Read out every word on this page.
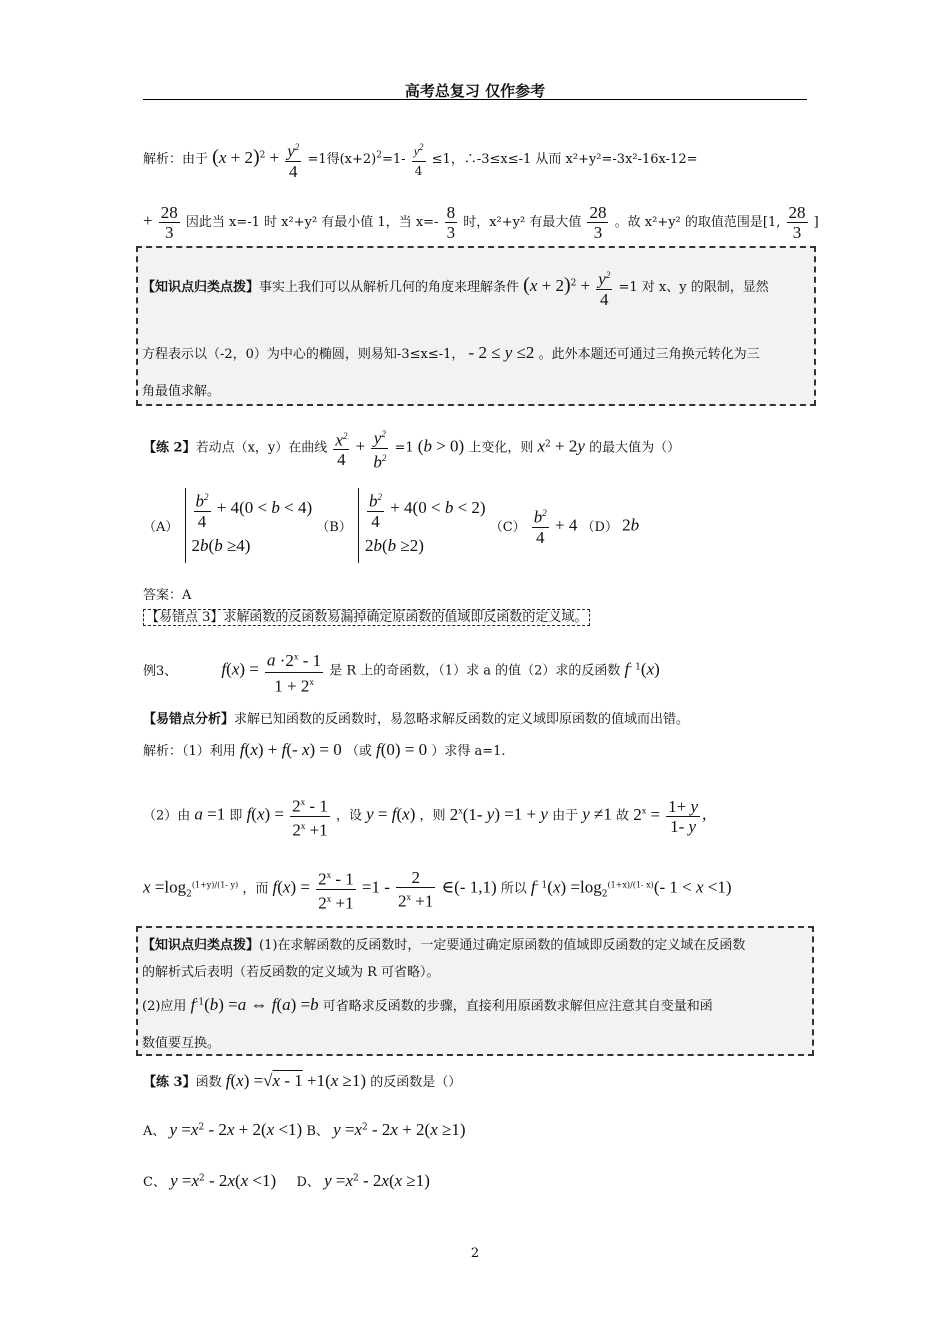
高考总复习 仅作参考
解析：由于 $(x + 2)^2 + \frac{y^2}{4} =1$得$(x+2)^2=1- \frac{y^2}{4} \le 1$，∴-3≤x≤-1 从而 x²+y²=-3x²-16x-12=
+ $\frac{28}{3}$ 因此当 x=-1 时 x²+y² 有最小值 1，当 $x=- \frac{8}{3}$ 时，x²+y² 有最大值 $\frac{28}{3}$ 。故 x²+y² 的取值范围是[1, $\frac{28}{3}$ ]
【知识点归类点拨】事实上我们可以从解析几何的角度来理解条件 $(x + 2)^2 + \frac{y^2}{4} =1$ 对 x、y 的限制，显然
方程表示以（-2，0）为中心的椭圆，则易知-3≤x≤-1， - 2 ≤ y ≤2 。此外本题还可通过三角换元转化为三
角最值求解。
【练 2】若动点（x，y）在曲线 $\frac{x^2}{4} + \frac{y^2}{b^2} =1$ (b > 0) 上变化，则 $x^2 + 2y$ 的最大值为（）
$(A) \frac{b^2}{4} + 4(0 < b < 4)$
2b(b ≥4)
$(B) \frac{b^2}{4} + 4(0 < b < 2)$
2b(b ≥2)
$(C) \frac{b^2}{4} + 4$ （D） 2b
答案：A
【易错点 3】求解函数的反函数易漏掉确定原函数的值域即反函数的定义域。
例3、	$f(x) = \frac{a \cdot 2^x - 1}{1 + 2^x}$ 是 R 上的奇函数，（1）求 a 的值（2）求的反函数 $f^{- 1}(x)$
【易错点分析】求解已知函数的反函数时，易忽略求解反函数的定义域即原函数的值域而出错。
解析：（1）利用 f(x) + f(- x) = 0 （或 f(0) = 0 ）求得 a=1.
（2）由 a =1 即 $f(x) = \frac{2^x - 1}{2^x +1}$ ，设 y = f(x) ，则 2$^x$(1- y) =1 + y 由于 y ≠1 故 $2^x = \frac{1+ y}{1- y}$ ,
$x =\log_2^{(1+y)/(1- y)}$ ，而 $f(x) = \frac{2^x - 1}{2^x +1} =1 - \frac{2}{2^x +1}$ ∈(- 1,1) 所以 $f^{- 1}(x) =\log_2^{(1+x)/(1- x)}(-$ 1 < x <1)
【知识点归类点拨】(1)在求解函数的反函数时，一定要通过确定原函数的值域即反函数的定义域在反函数
的解析式后表明（若反函数的定义域为 R 可省略）。
(2)应用 $f^{-1}(b) =a$ ⇔ f(a) =b 可省略求反函数的步骤，直接利用原函数求解但应注意其自变量和函
数值要互换。
【练 3】函数 f(x) =√x - 1 +1(x ≥1) 的反函数是（）
A、 $y =x^2 - 2x + 2(x <1)$ B、 $y =x^2 - 2x + 2(x \ge 1)$
C、 $y =x^2 - 2x(x <1)$ D、 $y =x^2 - 2x(x \ge 1)$
2
